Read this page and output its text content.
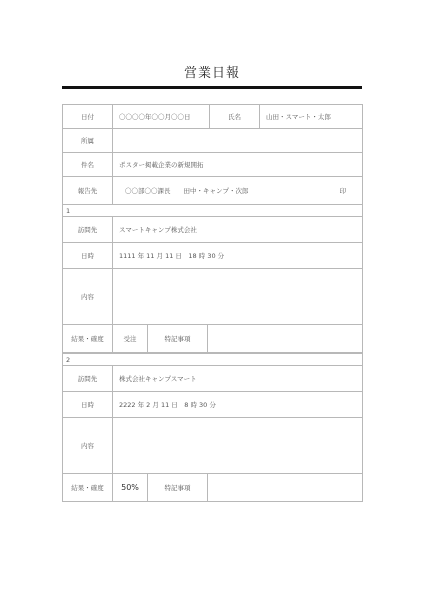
営業日報
日付	〇〇〇〇年〇〇月〇〇日	氏名	山田・スマート・太郎
所属
件名	ポスター掲載企業の新規開拓
報告先	〇〇部〇〇課長　　田中・キャンプ・次郎	印
1
訪問先	スマートキャンプ株式会社
日時	1111 年 11 月 11 日　18 時 30 分
内容
結果・確度	受注	特記事項
2
訪問先	株式会社キャンプスマート
日時	2222 年 2 月 11 日　8 時 30 分
内容
結果・確度	50%	特記事項
